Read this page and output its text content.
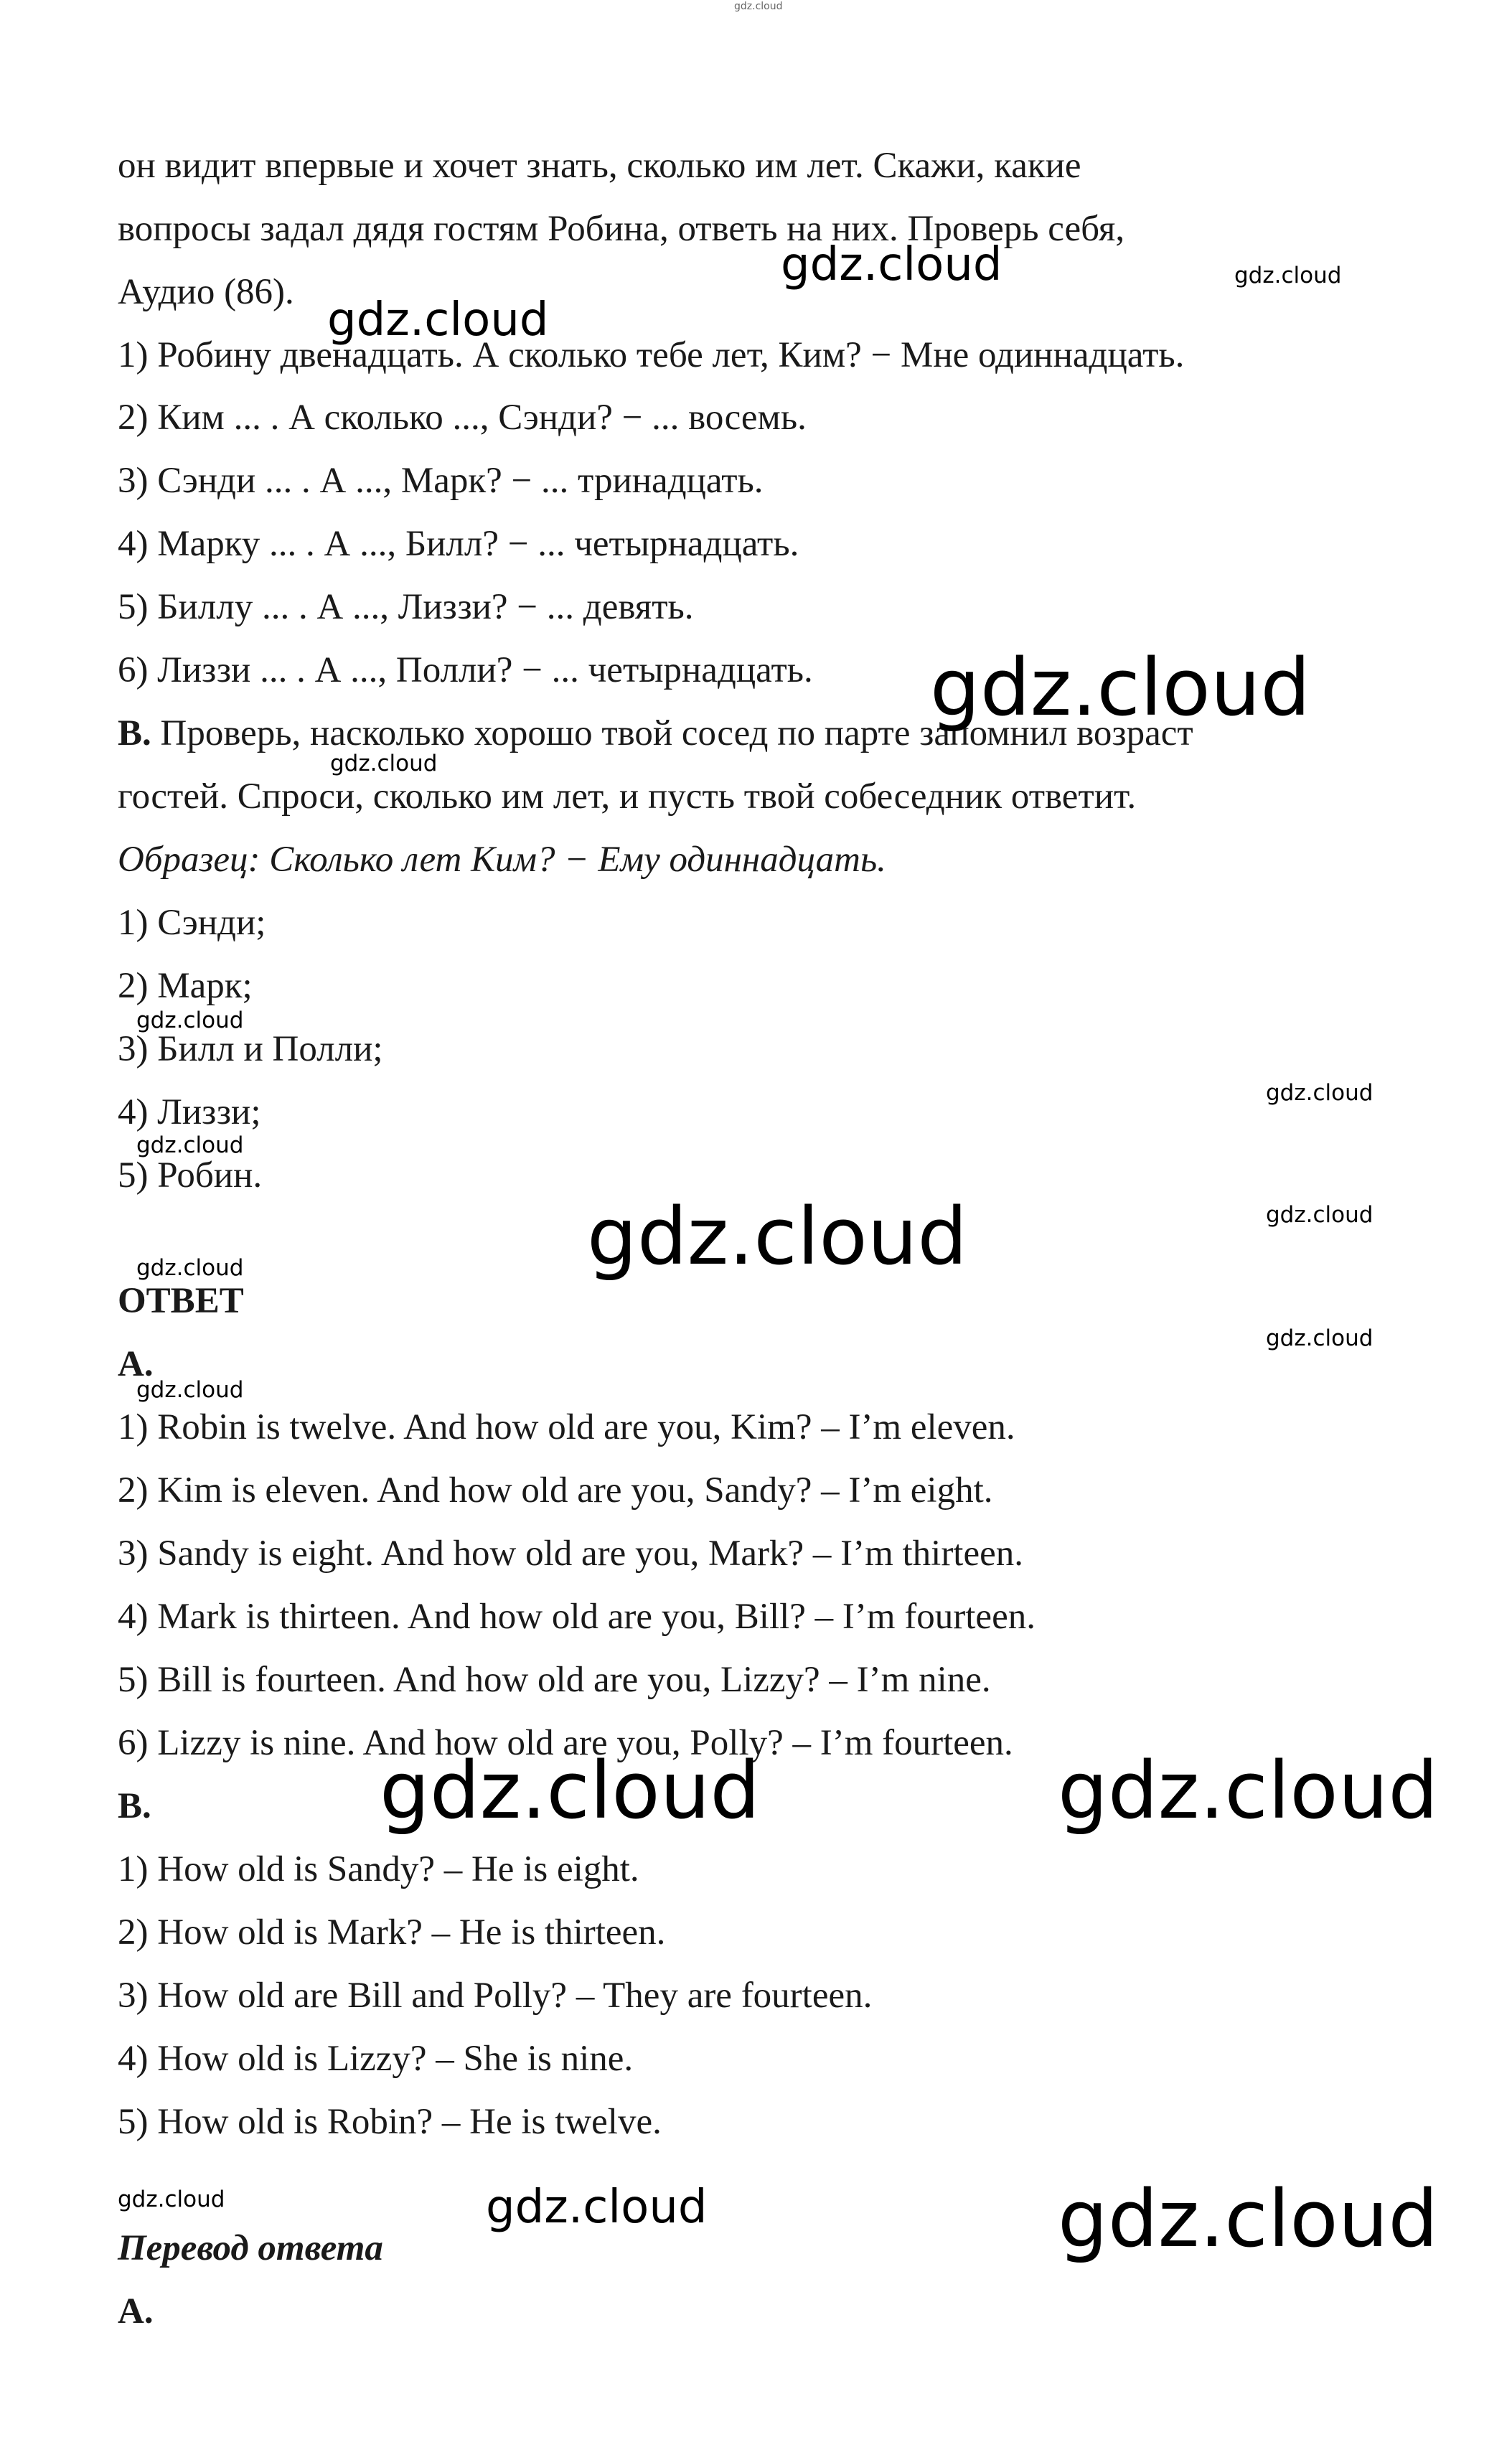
gdz.cloud
он видит впервые и хочет знать, сколько им лет. Скажи, какие
вопросы задал дядя гостям Робина, ответь на них. Проверь себя,
Аудио (86).
1) Робину двенадцать. А сколько тебе лет, Ким? − Мне одиннадцать.
2) Ким ... . А сколько ..., Сэнди? − ... восемь.
3) Сэнди ... . А ..., Марк? − ... тринадцать.
4) Марку ... . А ..., Билл? − ... четырнадцать.
5) Биллу ... . А ..., Лиззи? − ... девять.
6) Лиззи ... . А ..., Полли? − ... четырнадцать.
B. Проверь, насколько хорошо твой сосед по парте запомнил возраст
гостей. Спроси, сколько им лет, и пусть твой собеседник ответит.
Образец: Сколько лет Ким? − Ему одиннадцать.
1) Сэнди;
2) Марк;
3) Билл и Полли;
4) Лиззи;
5) Робин.
ОТВЕТ
A.
1) Robin is twelve. And how old are you, Kim? – I’m eleven.
2) Kim is eleven. And how old are you, Sandy? – I’m eight.
3) Sandy is eight. And how old are you, Mark? – I’m thirteen.
4) Mark is thirteen. And how old are you, Bill? – I’m fourteen.
5) Bill is fourteen. And how old are you, Lizzy? – I’m nine.
6) Lizzy is nine. And how old are you, Polly? – I’m fourteen.
B.
1) How old is Sandy? – He is eight.
2) How old is Mark? – He is thirteen.
3) How old are Bill and Polly? – They are fourteen.
4) How old is Lizzy? – She is nine.
5) How old is Robin? – He is twelve.
Перевод ответа
A.
gdz.cloud	gdz.cloud
gdz.cloud
gdz.cloud
gdz.cloud
gdz.cloud
gdz.cloud
gdz.cloud
gdz.cloud	gdz.cloud
gdz.cloud
gdz.cloud
gdz.cloud
gdz.cloud	gdz.cloud
gdz.cloud	gdz.cloud	gdz.cloud
